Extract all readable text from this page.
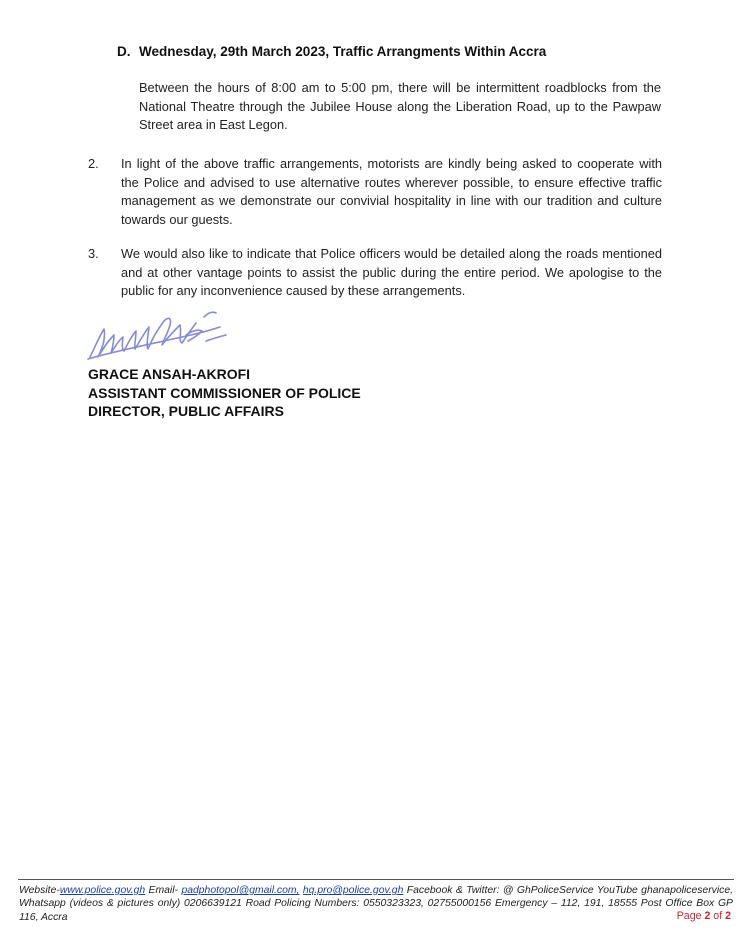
D. Wednesday, 29th March 2023, Traffic Arrangments Within Accra

Between the hours of 8:00 am to 5:00 pm, there will be intermittent roadblocks from the National Theatre through the Jubilee House along the Liberation Road, up to the Pawpaw Street area in East Legon.

2.	In light of the above traffic arrangements, motorists are kindly being asked to cooperate with the Police and advised to use alternative routes wherever possible, to ensure effective traffic management as we demonstrate our convivial hospitality in line with our tradition and culture towards our guests.
3.	We would also like to indicate that Police officers would be detailed along the roads mentioned and at other vantage points to assist the public during the entire period. We apologise to the public for any inconvenience caused by these arrangements.
GRACE ANSAH-AKROFI
ASSISTANT COMMISSIONER OF POLICE
DIRECTOR, PUBLIC AFFAIRS
Website-www.police.gov.gh Email- padphotopol@gmail.com, hq.pro@police.gov.gh Facebook & Twitter: @ GhPoliceService YouTube ghanapoliceservice, Whatsapp (videos & pictures only) 0206639121 Road Policing Numbers: 0550323323, 02755000156 Emergency – 112, 191, 18555 Post Office Box GP 116, Accra	Page 2 of 2
